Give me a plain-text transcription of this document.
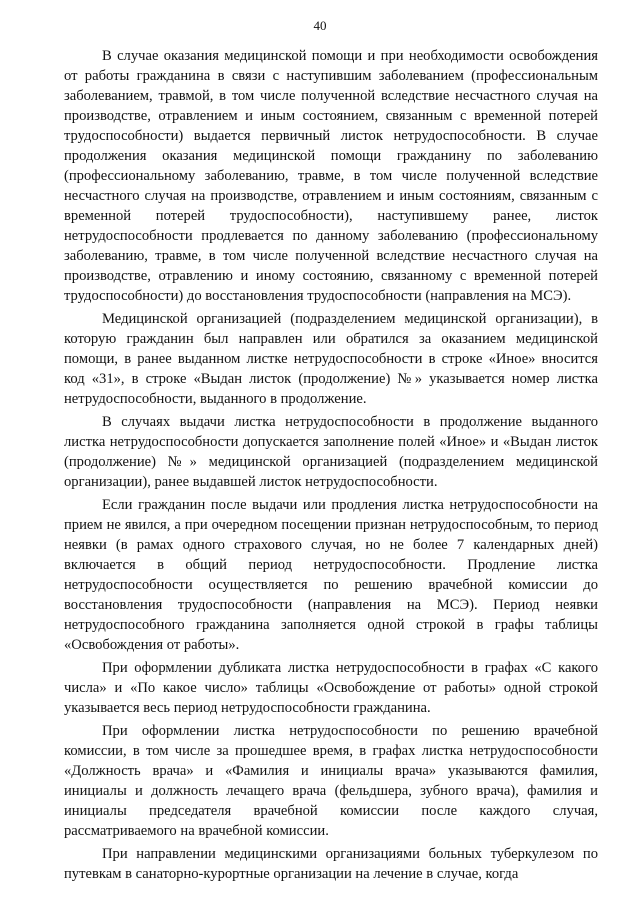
40

В случае оказания медицинской помощи и при необходимости освобождения от работы гражданина в связи с наступившим заболеванием (профессиональным заболеванием, травмой, в том числе полученной вследствие несчастного случая на производстве, отравлением и иным состоянием, связанным с временной потерей трудоспособности) выдается первичный листок нетрудоспособности. В случае продолжения оказания медицинской помощи гражданину по заболеванию (профессиональному заболеванию, травме, в том числе полученной вследствие несчастного случая на производстве, отравлением и иным состояниям, связанным с временной потерей трудоспособности), наступившему ранее, листок нетрудоспособности продлевается по данному заболеванию (профессиональному заболеванию, травме, в том числе полученной вследствие несчастного случая на производстве, отравлению и иному состоянию, связанному с временной потерей трудоспособности) до восстановления трудоспособности (направления на МСЭ).

Медицинской организацией (подразделением медицинской организации), в которую гражданин был направлен или обратился за оказанием медицинской помощи, в ранее выданном листке нетрудоспособности в строке «Иное» вносится код «31», в строке «Выдан листок (продолжение) №» указывается номер листка нетрудоспособности, выданного в продолжение.

В случаях выдачи листка нетрудоспособности в продолжение выданного листка нетрудоспособности допускается заполнение полей «Иное» и «Выдан листок (продолжение) №» медицинской организацией (подразделением медицинской организации), ранее выдавшей листок нетрудоспособности.

Если гражданин после выдачи или продления листка нетрудоспособности на прием не явился, а при очередном посещении признан нетрудоспособным, то период неявки (в рамах одного страхового случая, но не более 7 календарных дней) включается в общий период нетрудоспособности. Продление листка нетрудоспособности осуществляется по решению врачебной комиссии до восстановления трудоспособности (направления на МСЭ). Период неявки нетрудоспособного гражданина заполняется одной строкой в графы таблицы «Освобождения от работы».

При оформлении дубликата листка нетрудоспособности в графах «С какого числа» и «По какое число» таблицы «Освобождение от работы» одной строкой указывается весь период нетрудоспособности гражданина.

При оформлении листка нетрудоспособности по решению врачебной комиссии, в том числе за прошедшее время, в графах листка нетрудоспособности «Должность врача» и «Фамилия и инициалы врача» указываются фамилия, инициалы и должность лечащего врача (фельдшера, зубного врача), фамилия и инициалы председателя врачебной комиссии после каждого случая, рассматриваемого на врачебной комиссии.

При направлении медицинскими организациями больных туберкулезом по путевкам в санаторно-курортные организации на лечение в случае, когда
